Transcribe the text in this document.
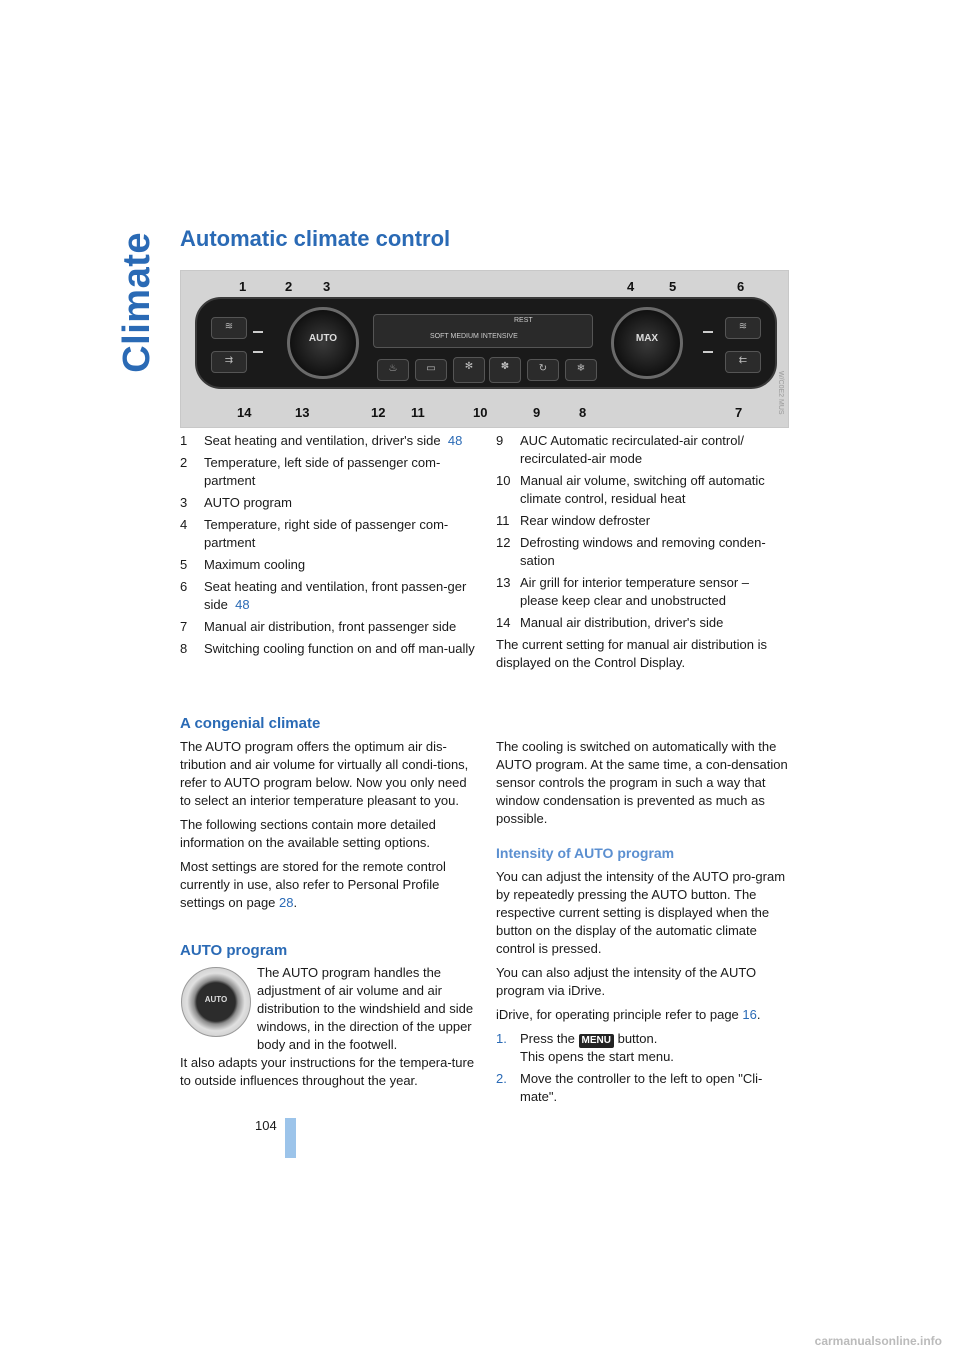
Climate Automatic climate control
1	2 3	4	5	6
≋
⇉
AUTO
REST
SOFT MEDIUM INTENSIVE
♨	▭	✻	✽	↻	❄
MAX
≋
⇇
14	13	12 11	10	9	8	7	W/C0E2 MUS
1	Seat heating and ventilation, driver's side 48
2	Temperature, left side of passenger com-partment
3	AUTO program
4	Temperature, right side of passenger com-partment
5	Maximum cooling
6	Seat heating and ventilation, front passen-ger side 48
7	Manual air distribution, front passenger side
8	Switching cooling function on and off man-ually
9	AUC Automatic recirculated-air control/ recirculated-air mode
10 Manual air volume, switching off automatic climate control, residual heat
11 Rear window defroster
12 Defrosting windows and removing conden-sation
13 Air grill for interior temperature sensor – please keep clear and unobstructed
14 Manual air distribution, driver's side

The current setting for manual air distribution is displayed on the Control Display.

A congenial climate

The AUTO program offers the optimum air dis-tribution and air volume for virtually all condi-tions, refer to AUTO program below. Now you only need to select an interior temperature pleasant to you.

The following sections contain more detailed information on the available setting options.

Most settings are stored for the remote control currently in use, also refer to Personal Profile settings on page 28.

AUTO program
AUTO
The AUTO program handles the adjustment of air volume and air distribution to the windshield and side windows, in the direction of the upper body and in the footwell.
It also adapts your instructions for the tempera-ture to outside influences throughout the year.
The cooling is switched on automatically with the AUTO program. At the same time, a con-densation sensor controls the program in such a way that window condensation is prevented as much as possible.
Intensity of AUTO program

You can adjust the intensity of the AUTO pro-gram by repeatedly pressing the AUTO button. The respective current setting is displayed when the button on the display of the automatic climate control is pressed.

You can also adjust the intensity of the AUTO program via iDrive.

iDrive, for operating principle refer to page 16.

1.	Press the MENU button.
This opens the start menu.
2.	Move the controller to the left to open "Cli-mate".
104
carmanualsonline.info
